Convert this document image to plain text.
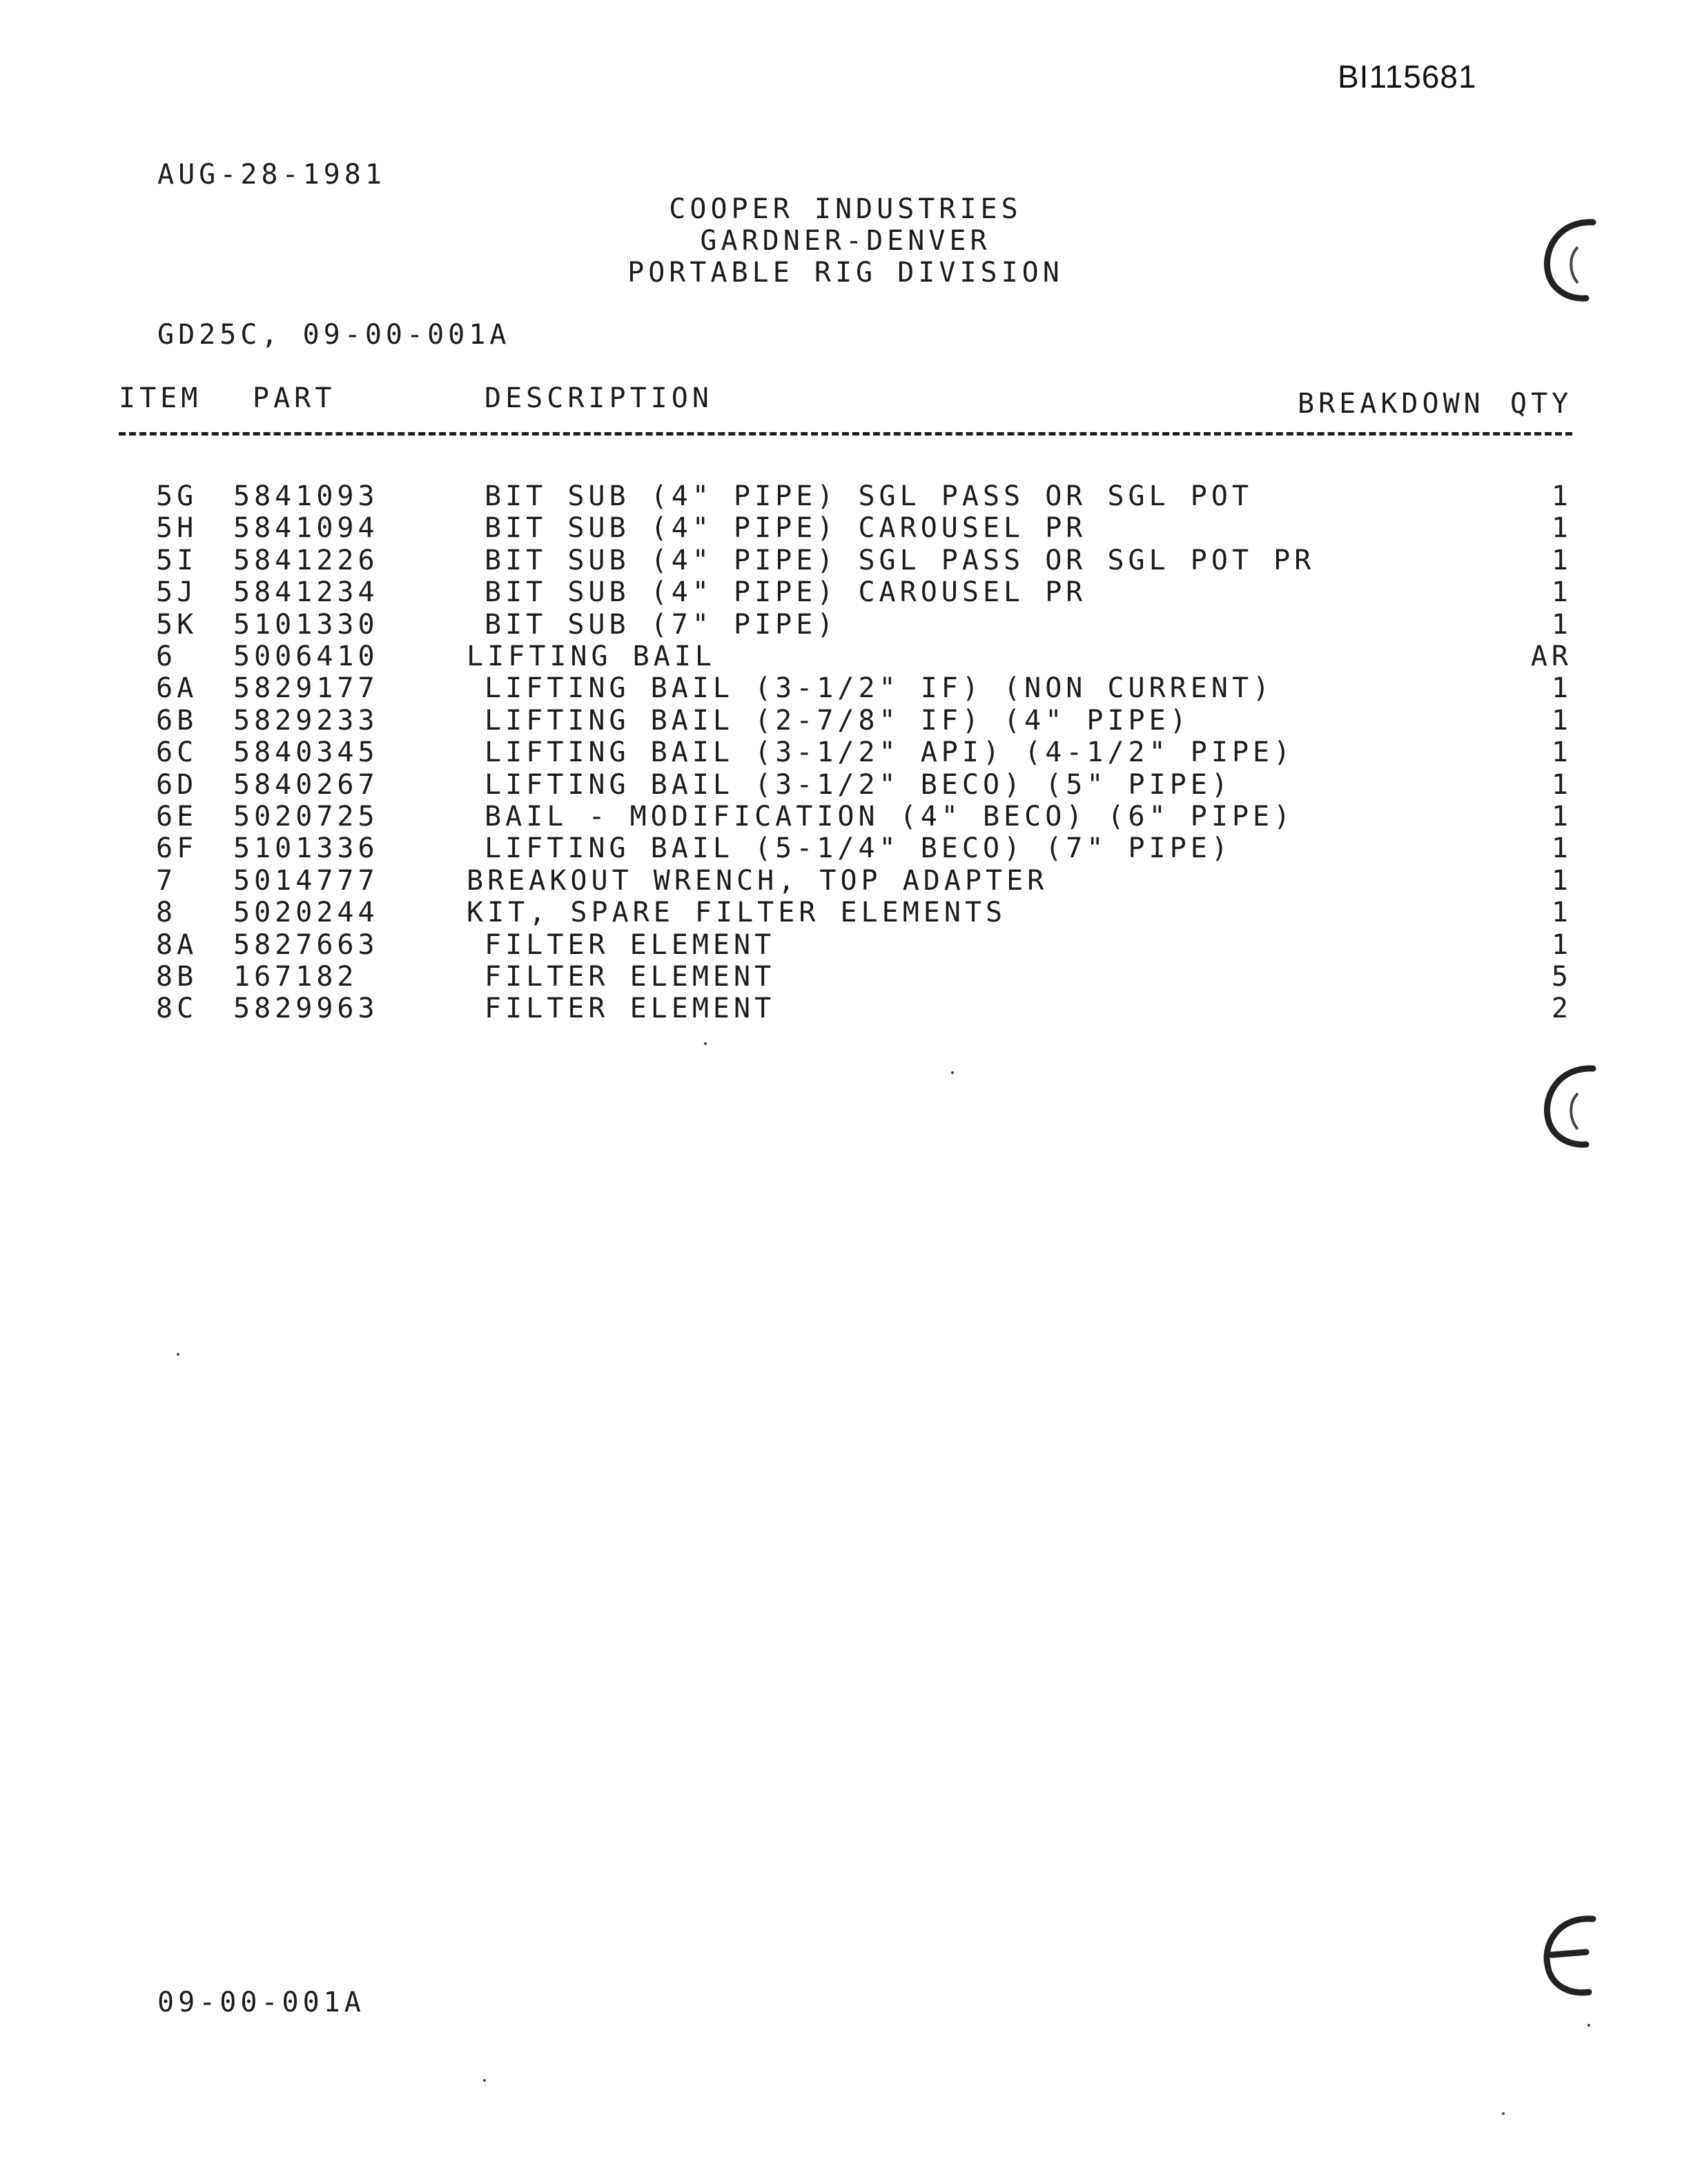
BI115681
AUG-28-1981
COOPER INDUSTRIES
GARDNER-DENVER
PORTABLE RIG DIVISION
GD25C, 09-00-001A
ITEM PART	DESCRIPTION	BREAKDOWN QTY
5G 5841093	BIT SUB (4" PIPE) SGL PASS OR SGL POT	1
5H 5841094	BIT SUB (4" PIPE) CAROUSEL PR	1
5I 5841226	BIT SUB (4" PIPE) SGL PASS OR SGL POT PR	1
5J 5841234	BIT SUB (4" PIPE) CAROUSEL PR	1
5K 5101330	BIT SUB (7" PIPE)	1
6 5006410	LIFTING BAIL	AR
6A 5829177	LIFTING BAIL (3-1/2" IF) (NON CURRENT)	1
6B 5829233	LIFTING BAIL (2-7/8" IF) (4" PIPE)	1
6C 5840345	LIFTING BAIL (3-1/2" API) (4-1/2" PIPE)	1
6D 5840267	LIFTING BAIL (3-1/2" BECO) (5" PIPE)	1
6E 5020725	BAIL - MODIFICATION (4" BECO) (6" PIPE)	1
6F 5101336	LIFTING BAIL (5-1/4" BECO) (7" PIPE)	1
7 5014777	BREAKOUT WRENCH, TOP ADAPTER	1
8 5020244	KIT, SPARE FILTER ELEMENTS	1
8A 5827663	FILTER ELEMENT	1
8B 167182	FILTER ELEMENT	5
8C 5829963	FILTER ELEMENT	2
09-00-001A
